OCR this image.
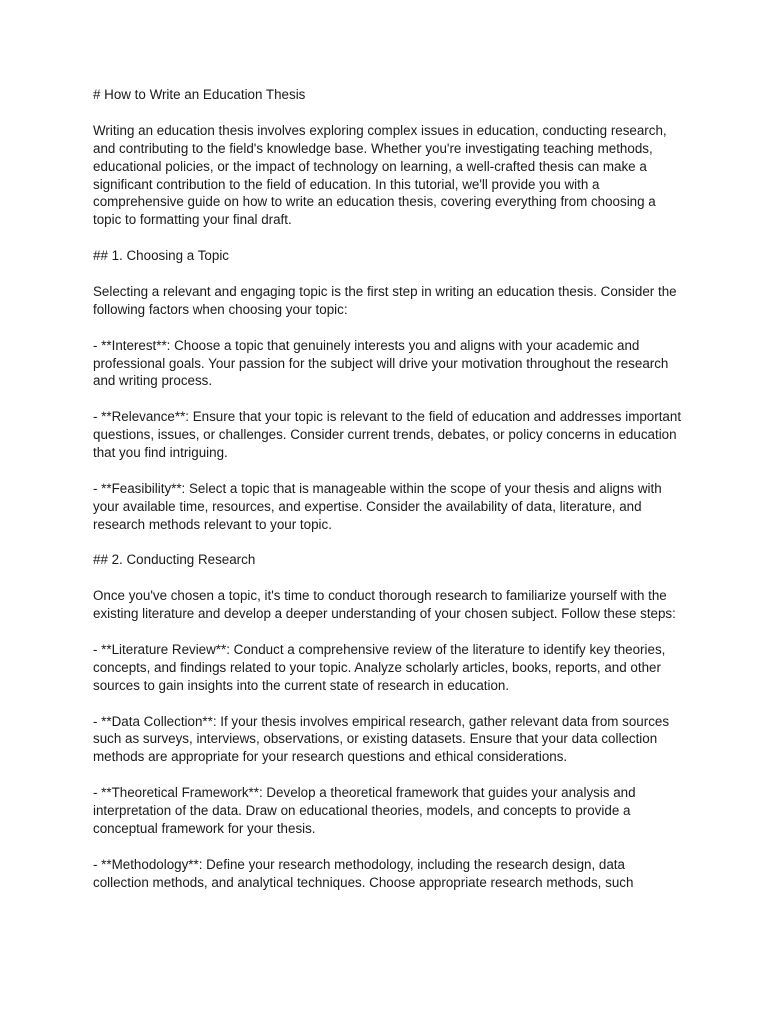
# How to Write an Education Thesis

Writing an education thesis involves exploring complex issues in education, conducting research, and contributing to the field's knowledge base. Whether you're investigating teaching methods, educational policies, or the impact of technology on learning, a well-crafted thesis can make a significant contribution to the field of education. In this tutorial, we'll provide you with a comprehensive guide on how to write an education thesis, covering everything from choosing a topic to formatting your final draft.

## 1. Choosing a Topic

Selecting a relevant and engaging topic is the first step in writing an education thesis. Consider the following factors when choosing your topic:

- **Interest**: Choose a topic that genuinely interests you and aligns with your academic and professional goals. Your passion for the subject will drive your motivation throughout the research and writing process.

- **Relevance**: Ensure that your topic is relevant to the field of education and addresses important questions, issues, or challenges. Consider current trends, debates, or policy concerns in education that you find intriguing.

- **Feasibility**: Select a topic that is manageable within the scope of your thesis and aligns with your available time, resources, and expertise. Consider the availability of data, literature, and research methods relevant to your topic.

## 2. Conducting Research

Once you've chosen a topic, it's time to conduct thorough research to familiarize yourself with the existing literature and develop a deeper understanding of your chosen subject. Follow these steps:

- **Literature Review**: Conduct a comprehensive review of the literature to identify key theories, concepts, and findings related to your topic. Analyze scholarly articles, books, reports, and other sources to gain insights into the current state of research in education.

- **Data Collection**: If your thesis involves empirical research, gather relevant data from sources such as surveys, interviews, observations, or existing datasets. Ensure that your data collection methods are appropriate for your research questions and ethical considerations.

- **Theoretical Framework**: Develop a theoretical framework that guides your analysis and interpretation of the data. Draw on educational theories, models, and concepts to provide a conceptual framework for your thesis.

- **Methodology**: Define your research methodology, including the research design, data collection methods, and analytical techniques. Choose appropriate research methods, such
